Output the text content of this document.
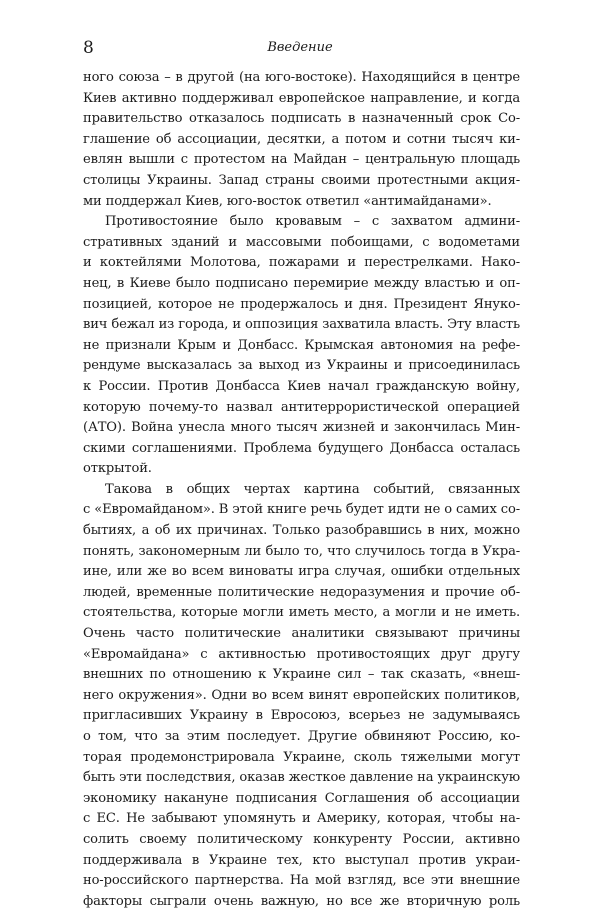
8	Введение
ного союза – в другой (на юго-востоке). Находящийся в центре
Киев активно поддерживал европейское направление, и когда
правительство отказалось подписать в назначенный срок Со-
глашение об ассоциации, десятки, а потом и сотни тысяч ки-
евлян вышли с протестом на Майдан – центральную площадь
столицы Украины. Запад страны своими протестными акция-
ми поддержал Киев, юго-восток ответил «антимайданами».
Противостояние было кровавым – с захватом админи-
стративных зданий и массовыми побоищами, с водометами
и коктейлями Молотова, пожарами и перестрелками. Нако-
нец, в Киеве было подписано перемирие между властью и оп-
позицией, которое не продержалось и дня. Президент Януко-
вич бежал из города, и оппозиция захватила власть. Эту власть
не признали Крым и Донбасс. Крымская автономия на рефе-
рендуме высказалась за выход из Украины и присоединилась
к России. Против Донбасса Киев начал гражданскую войну,
которую почему-то назвал антитеррористической операцией
(АТО). Война унесла много тысяч жизней и закончилась Мин-
скими соглашениями. Проблема будущего Донбасса осталась
открытой.
Такова в общих чертах картина событий, связанных
с «Евромайданом». В этой книге речь будет идти не о самих со-
бытиях, а об их причинах. Только разобравшись в них, можно
понять, закономерным ли было то, что случилось тогда в Укра-
ине, или же во всем виноваты игра случая, ошибки отдельных
людей, временные политические недоразумения и прочие об-
стоятельства, которые могли иметь место, а могли и не иметь.
Очень часто политические аналитики связывают причины
«Евромайдана» с активностью противостоящих друг другу
внешних по отношению к Украине сил – так сказать, «внеш-
него окружения». Одни во всем винят европейских политиков,
пригласивших Украину в Евросоюз, всерьез не задумываясь
о том, что за этим последует. Другие обвиняют Россию, ко-
торая продемонстрировала Украине, сколь тяжелыми могут
быть эти последствия, оказав жесткое давление на украинскую
экономику накануне подписания Соглашения об ассоциации
с ЕС. Не забывают упомянуть и Америку, которая, чтобы на-
солить своему политическому конкуренту России, активно
поддерживала в Украине тех, кто выступал против украи-
но-российского партнерства. На мой взгляд, все эти внешние
факторы сыграли очень важную, но все же вторичную роль
